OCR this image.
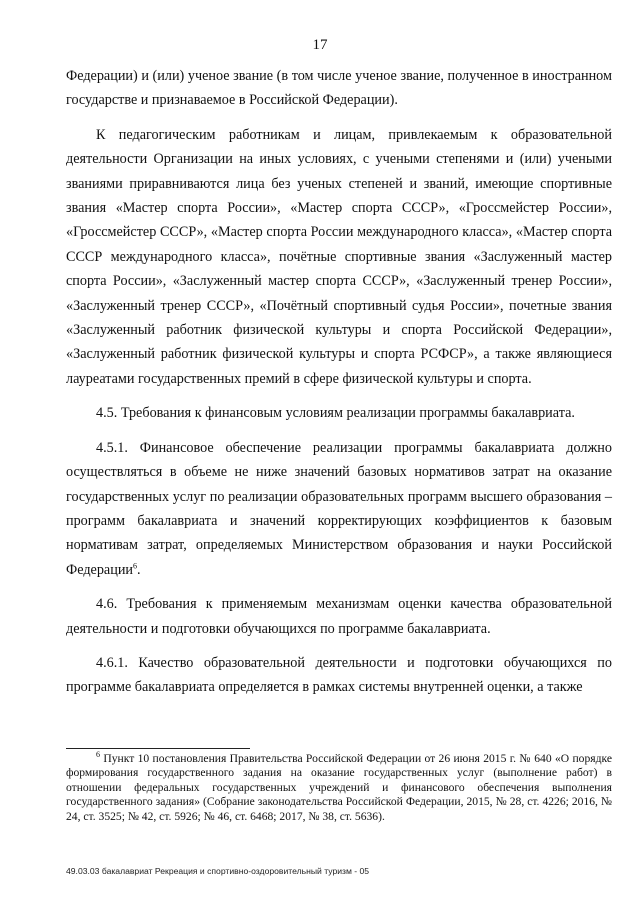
17

Федерации) и (или) ученое звание (в том числе ученое звание, полученное в иностранном государстве и признаваемое в Российской Федерации).

К педагогическим работникам и лицам, привлекаемым к образовательной деятельности Организации на иных условиях, с учеными степенями и (или) учеными званиями приравниваются лица без ученых степеней и званий, имеющие спортивные звания «Мастер спорта России», «Мастер спорта СССР», «Гроссмейстер России», «Гроссмейстер СССР», «Мастер спорта России международного класса», «Мастер спорта СССР международного класса», почётные спортивные звания «Заслуженный мастер спорта России», «Заслуженный мастер спорта СССР», «Заслуженный тренер России», «Заслуженный тренер СССР», «Почётный спортивный судья России», почетные звания «Заслуженный работник физической культуры и спорта Российской Федерации», «Заслуженный работник физической культуры и спорта РСФСР», а также являющиеся лауреатами государственных премий в сфере физической культуры и спорта.

4.5. Требования к финансовым условиям реализации программы бакалавриата.

4.5.1. Финансовое обеспечение реализации программы бакалавриата должно осуществляться в объеме не ниже значений базовых нормативов затрат на оказание государственных услуг по реализации образовательных программ высшего образования – программ бакалавриата и значений корректирующих коэффициентов к базовым нормативам затрат, определяемых Министерством образования и науки Российской Федерации$^6$.

4.6. Требования к применяемым механизмам оценки качества образовательной деятельности и подготовки обучающихся по программе бакалавриата.

4.6.1. Качество образовательной деятельности и подготовки обучающихся по программе бакалавриата определяется в рамках системы внутренней оценки, а также

$^6$ Пункт 10 постановления Правительства Российской Федерации от 26 июня 2015 г. № 640 «О порядке формирования государственного задания на оказание государственных услуг (выполнение работ) в отношении федеральных государственных учреждений и финансового обеспечения выполнения государственного задания» (Собрание законодательства Российской Федерации, 2015, № 28, ст. 4226; 2016, № 24, ст. 3525; № 42, ст. 5926; № 46, ст. 6468; 2017, № 38, ст. 5636).

49.03.03 бакалавриат Рекреация и спортивно-оздоровительный туризм - 05
